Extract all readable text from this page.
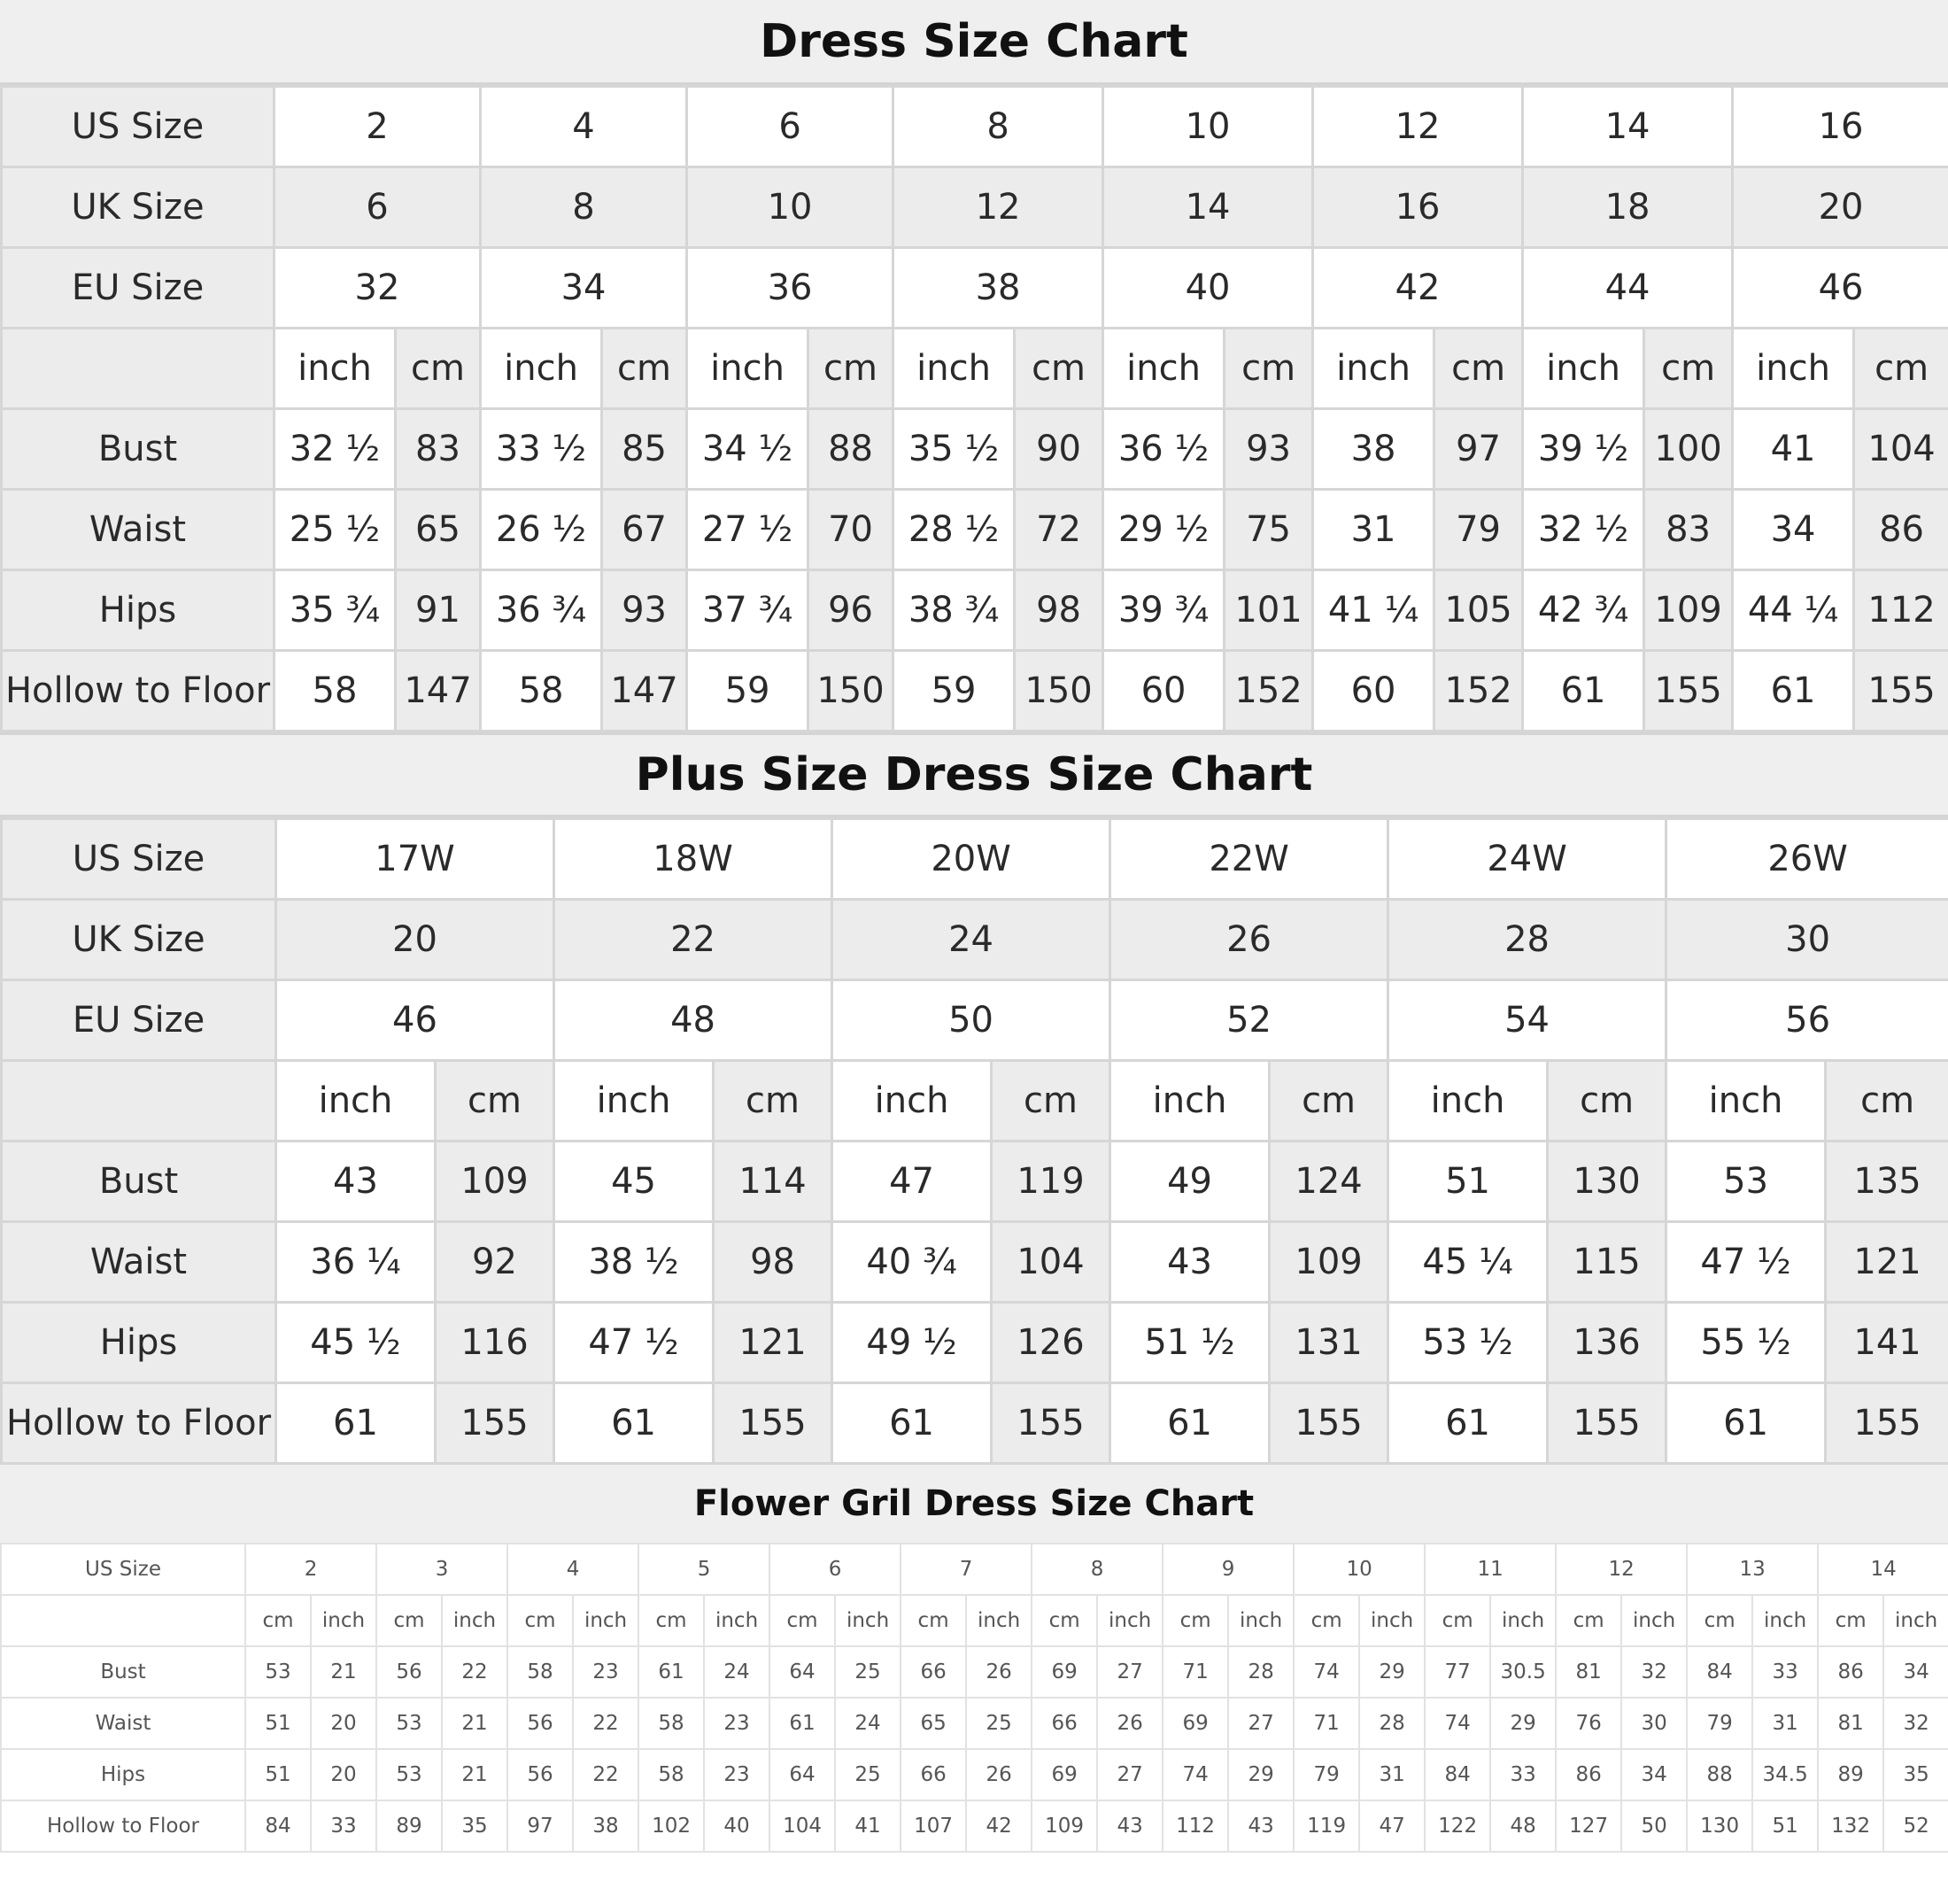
Dress Size Chart
US Size	2		4		6		8		10		12		14		16	
UK Size	6		8		10		12		14		16		18		20	
EU Size	32		34		36		38		40		42		44		46	
	inch	cm	inch	cm	inch	cm	inch	cm	inch	cm	inch	cm	inch	cm	inch	cm
Bust	32 ½	83	33 ½	85	34 ½	88	35 ½	90	36 ½	93	38	97	39 ½	100	41	104
Waist	25 ½	65	26 ½	67	27 ½	70	28 ½	72	29 ½	75	31	79	32 ½	83	34	86
Hips	35 ¾	91	36 ¾	93	37 ¾	96	38 ¾	98	39 ¾	101	41 ¼	105	42 ¾	109	44 ¼	112
Hollow to Floor	58	147	58	147	59	150	59	150	60	152	60	152	61	155	61	155
Plus Size Dress Size Chart
US Size	17W		18W		20W		22W		24W		26W	
UK Size	20		22		24		26		28		30	
EU Size	46		48		50		52		54		56	
	inch	cm	inch	cm	inch	cm	inch	cm	inch	cm	inch	cm
Bust	43	109	45	114	47	119	49	124	51	130	53	135
Waist	36 ¼	92	38 ½	98	40 ¾	104	43	109	45 ¼	115	47 ½	121
Hips	45 ½	116	47 ½	121	49 ½	126	51 ½	131	53 ½	136	55 ½	141
Hollow to Floor	61	155	61	155	61	155	61	155	61	155	61	155
Flower Gril Dress Size Chart
US Size	2		3		4		5		6		7		8		9		10		11		12		13		14	
	cm	inch	cm	inch	cm	inch	cm	inch	cm	inch	cm	inch	cm	inch	cm	inch	cm	inch	cm	inch	cm	inch	cm	inch	cm	inch
Bust	53	21	56	22	58	23	61	24	64	25	66	26	69	27	71	28	74	29	77	30.5	81	32	84	33	86	34
Waist	51	20	53	21	56	22	58	23	61	24	65	25	66	26	69	27	71	28	74	29	76	30	79	31	81	32
Hips	51	20	53	21	56	22	58	23	64	25	66	26	69	27	74	29	79	31	84	33	86	34	88	34.5	89	35
Hollow to Floor	84	33	89	35	97	38	102	40	104	41	107	42	109	43	112	43	119	47	122	48	127	50	130	51	132	52
